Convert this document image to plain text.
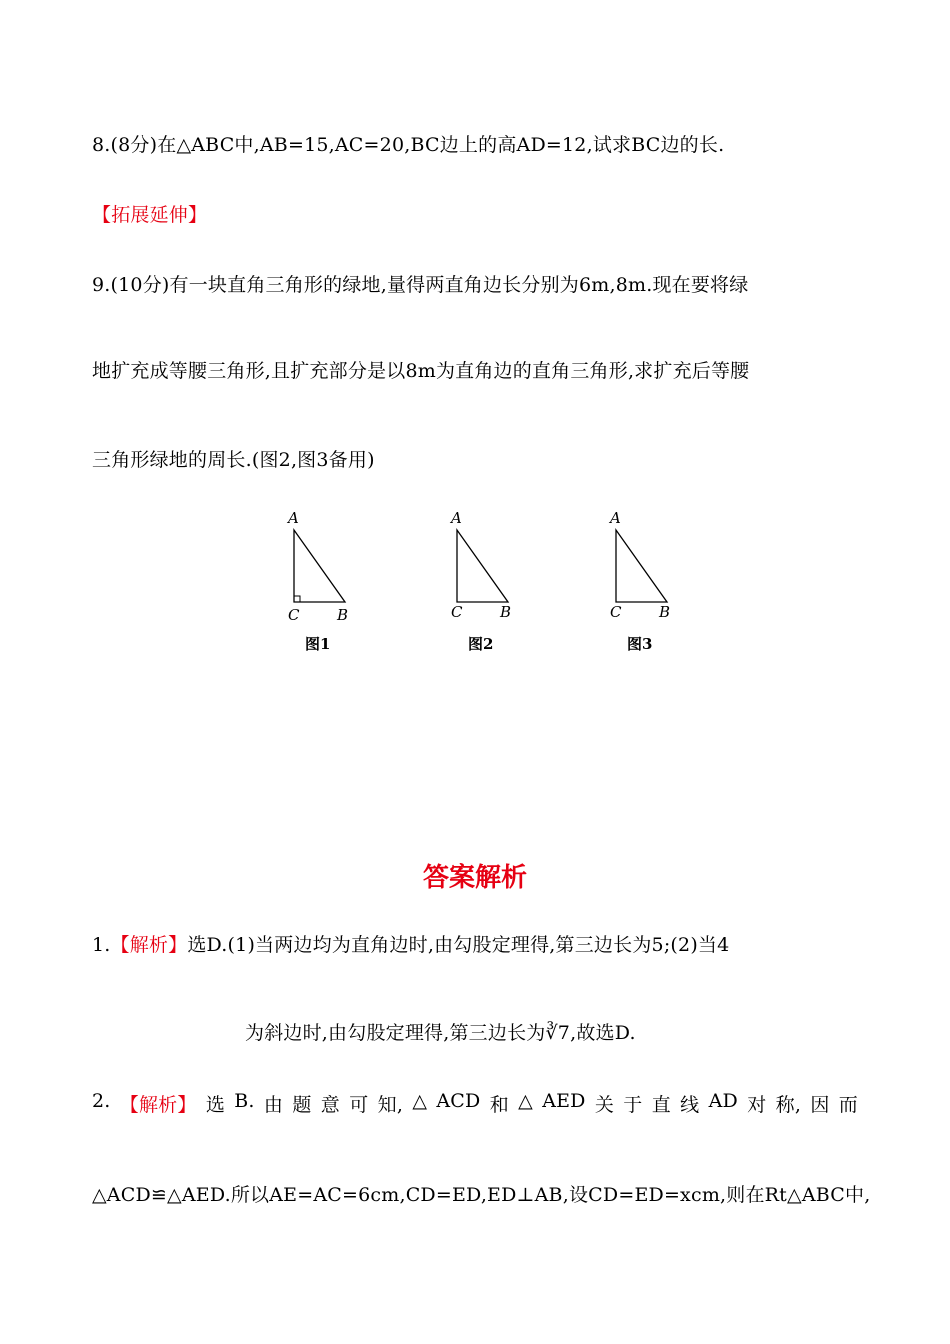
8.(8分)在△ABC中,AB=15,AC=20,BC边上的高AD=12,试求BC边的长.
【拓展延伸】
9.(10分)有一块直角三角形的绿地,量得两直角边长分别为6m,8m.现在要将绿
地扩充成等腰三角形,且扩充部分是以8m为直角边的直角三角形,求扩充后等腰
三角形绿地的周长.(图2,图3备用)
A
C	B
图1
A
C	B
图2
A
C	B
图3
答案解析
1.【解析】选D.(1)当两边均为直角边时,由勾股定理得,第三边长为5;(2)当4
为斜边时,由勾股定理得,第三边长为∛7,故选D.
2. 【解析】 选 B. 由 题 意 可 知, △ ACD 和 △ AED 关 于 直 线 AD 对 称, 因 而
△ACD≌△AED.所以AE=AC=6cm,CD=ED,ED⊥AB,设CD=ED=xcm,则在Rt△ABC中,
